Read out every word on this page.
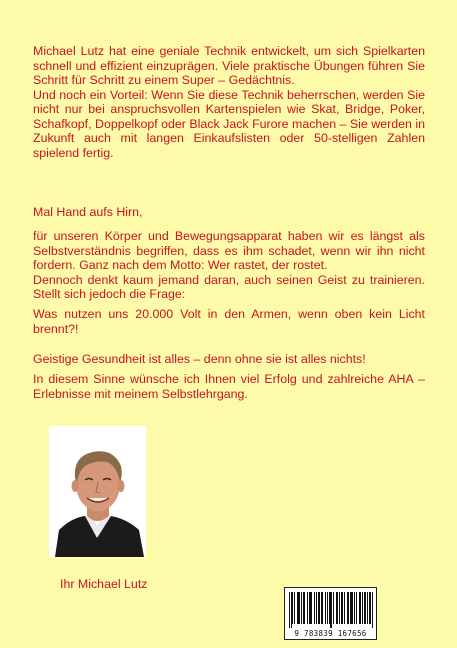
Michael Lutz hat eine geniale Technik entwickelt, um sich Spielkarten schnell und effizient einzuprägen. Viele praktische Übungen führen Sie Schritt für Schritt zu einem Super – Gedächtnis.

Und noch ein Vorteil: Wenn Sie diese Technik beherrschen, werden Sie nicht nur bei anspruchsvollen Kartenspielen wie Skat, Bridge, Poker, Schafkopf, Doppelkopf oder Black Jack Furore machen – Sie werden in Zukunft auch mit langen Einkaufslisten oder 50-stelligen Zahlen spielend fertig.

Mal Hand aufs Hirn,

für unseren Körper und Bewegungsapparat haben wir es längst als Selbstverständnis begriffen, dass es ihm schadet, wenn wir ihn nicht fordern. Ganz nach dem Motto: Wer rastet, der rostet.

Dennoch denkt kaum jemand daran, auch seinen Geist zu trainieren. Stellt sich jedoch die Frage:

Was nutzen uns 20.000 Volt in den Armen, wenn oben kein Licht brennt?!

Geistige Gesundheit ist alles – denn ohne sie ist alles nichts!

In diesem Sinne wünsche ich Ihnen viel Erfolg und zahlreiche AHA – Erlebnisse mit meinem Selbstlehrgang.

Ihr Michael Lutz
9 783839 167656
